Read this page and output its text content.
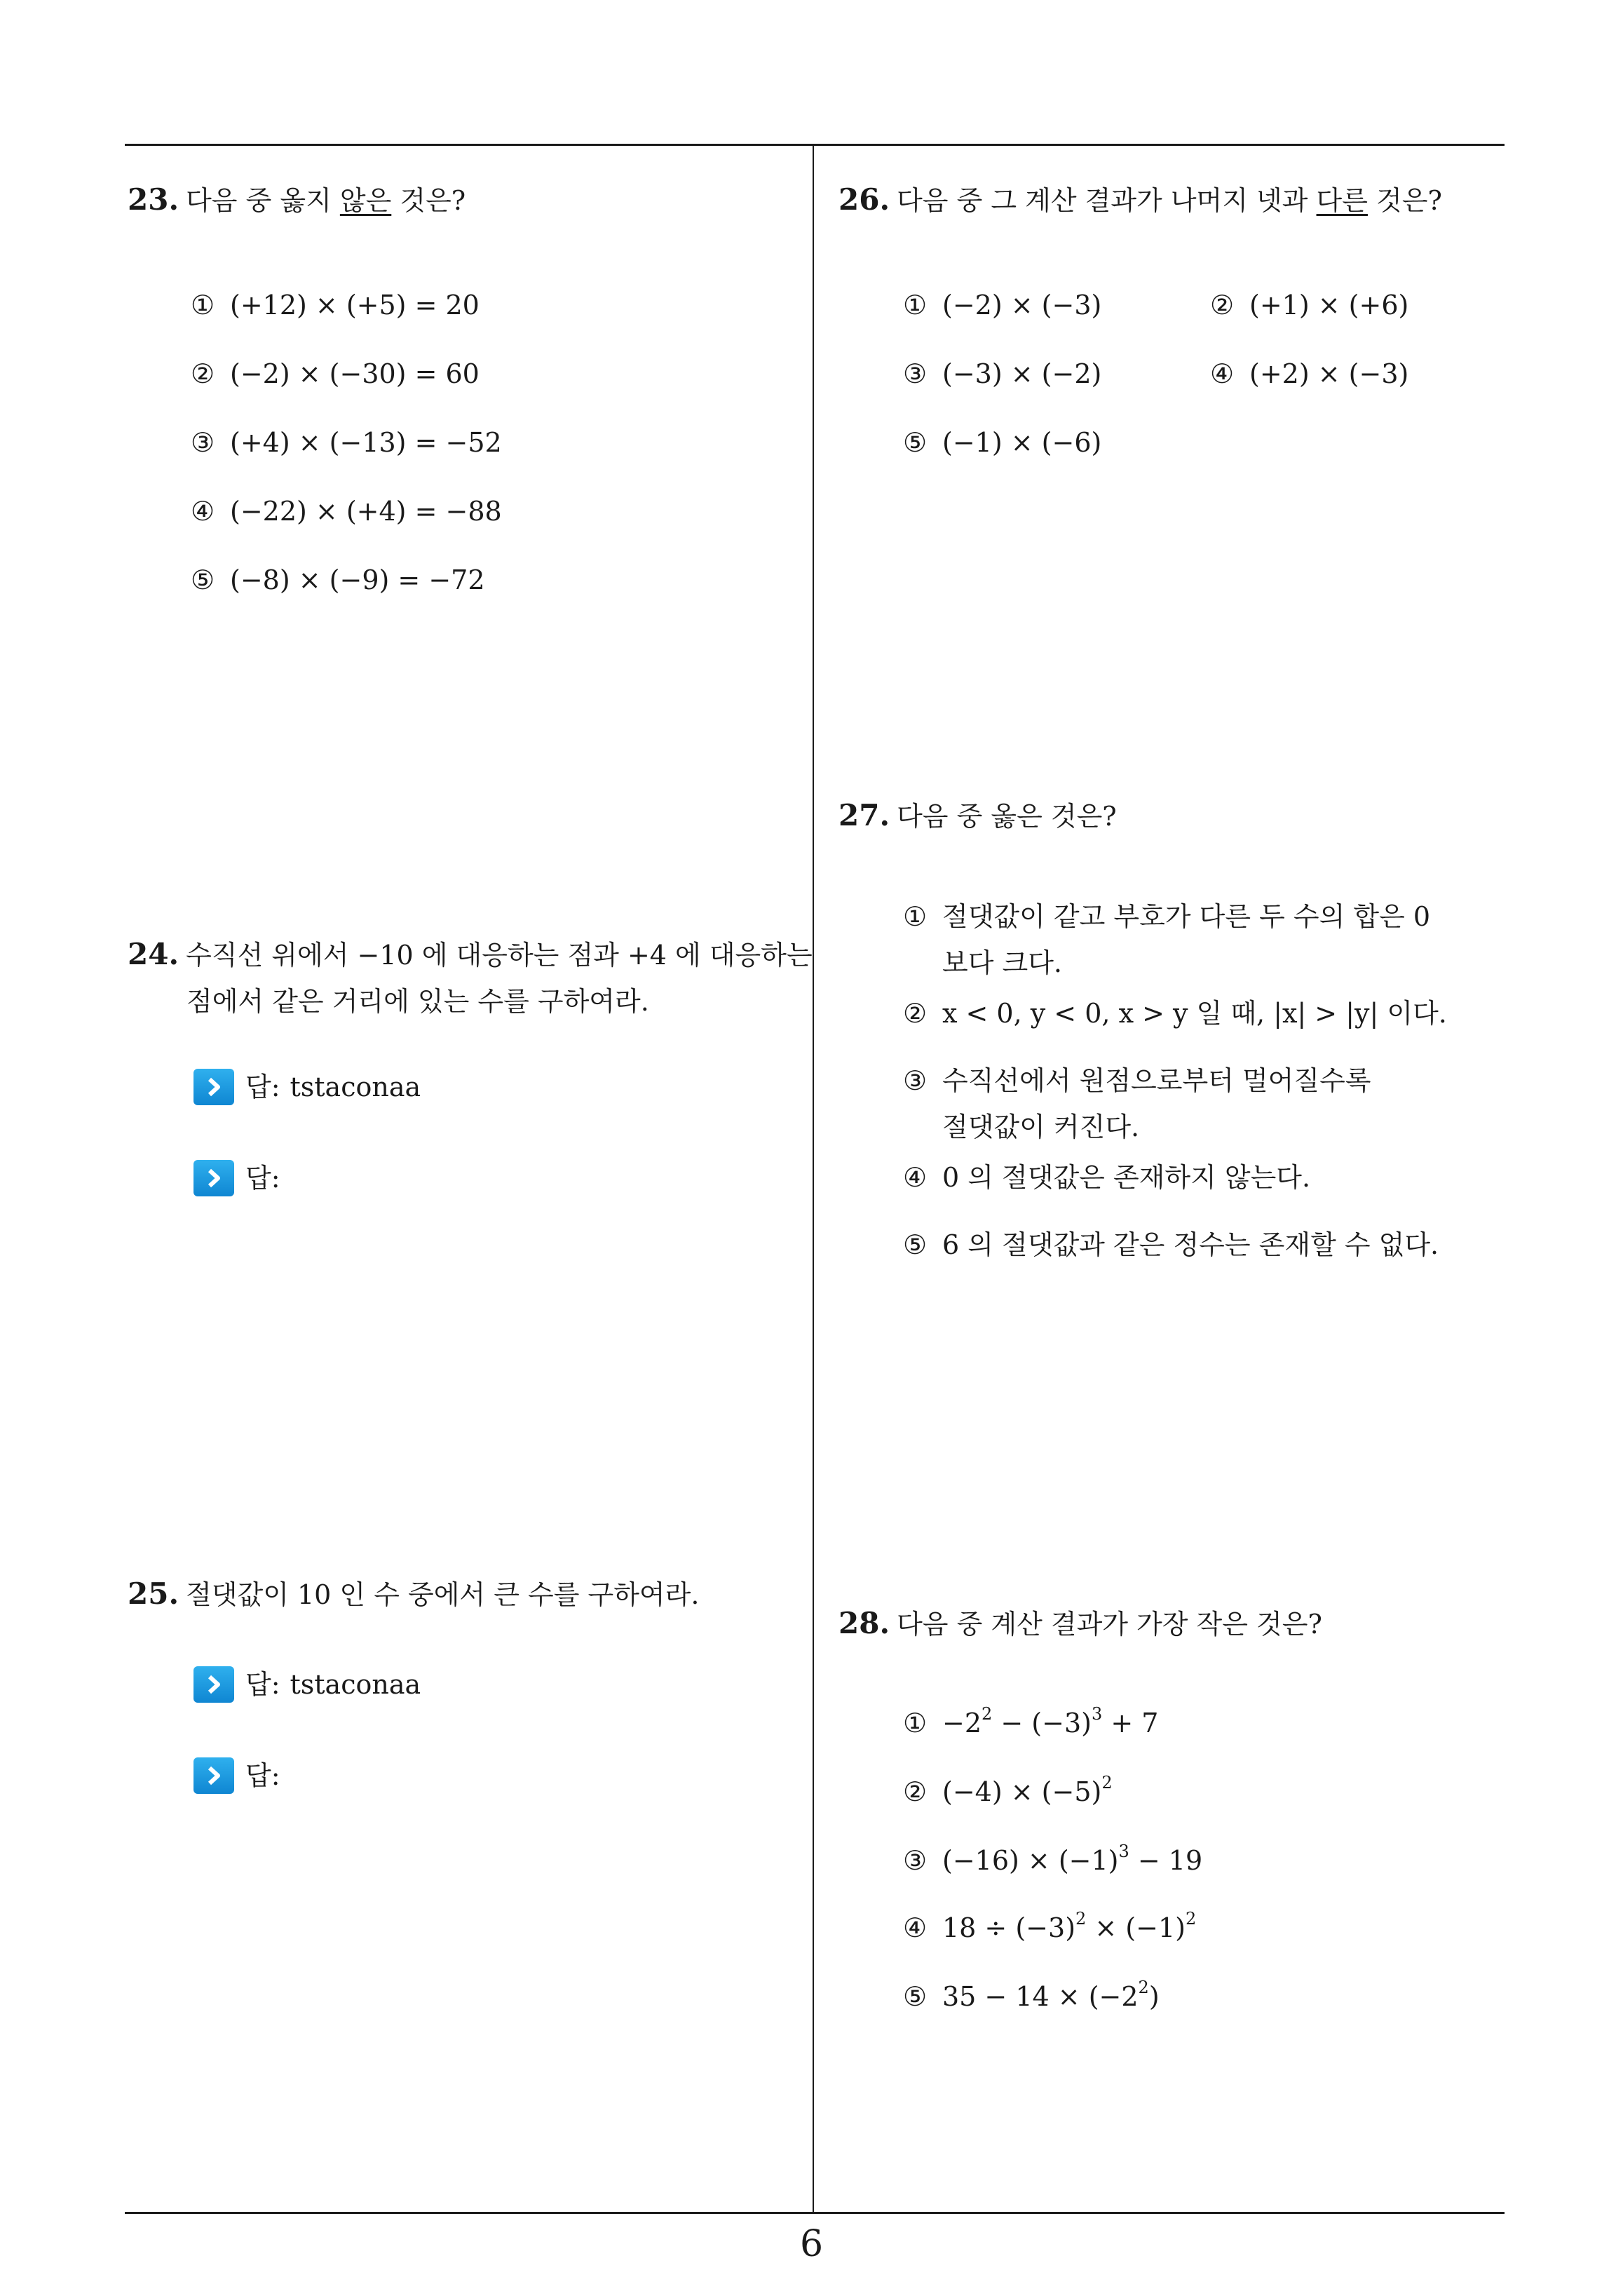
23. 다음 중 옳지 않은 것은?
① (+12) × (+5) = 20
② (−2) × (−30) = 60
③ (+4) × (−13) = −52
④ (−22) × (+4) = −88
⑤ (−8) × (−9) = −72
24. 수직선 위에서 −10 에 대응하는 점과 +4 에 대응하는
점에서 같은 거리에 있는 수를 구하여라.
답: tstaconaa
답:
25. 절댓값이 10 인 수 중에서 큰 수를 구하여라.
답: tstaconaa
답:
26. 다음 중 그 계산 결과가 나머지 넷과 다른 것은?
① (−2) × (−3)	② (+1) × (+6)
③ (−3) × (−2)	④ (+2) × (−3)
⑤ (−1) × (−6)
27. 다음 중 옳은 것은?
① 절댓값이 같고 부호가 다른 두 수의 합은 0
보다 크다.
② x < 0, y < 0, x > y 일 때, |x| > |y| 이다.
③ 수직선에서 원점으로부터 멀어질수록
절댓값이 커진다.
④ 0 의 절댓값은 존재하지 않는다.
⑤ 6 의 절댓값과 같은 정수는 존재할 수 없다.
28. 다음 중 계산 결과가 가장 작은 것은?
① $-2^2 - (-3)^3 + 7$
② $(-4) \times (-5)^2$
③ $(-16) \times (-1)^3 - 19$
④ $18 \div (-3)^2 \times (-1)^2$
⑤ $35 - 14 \times (-2^2)$
6
